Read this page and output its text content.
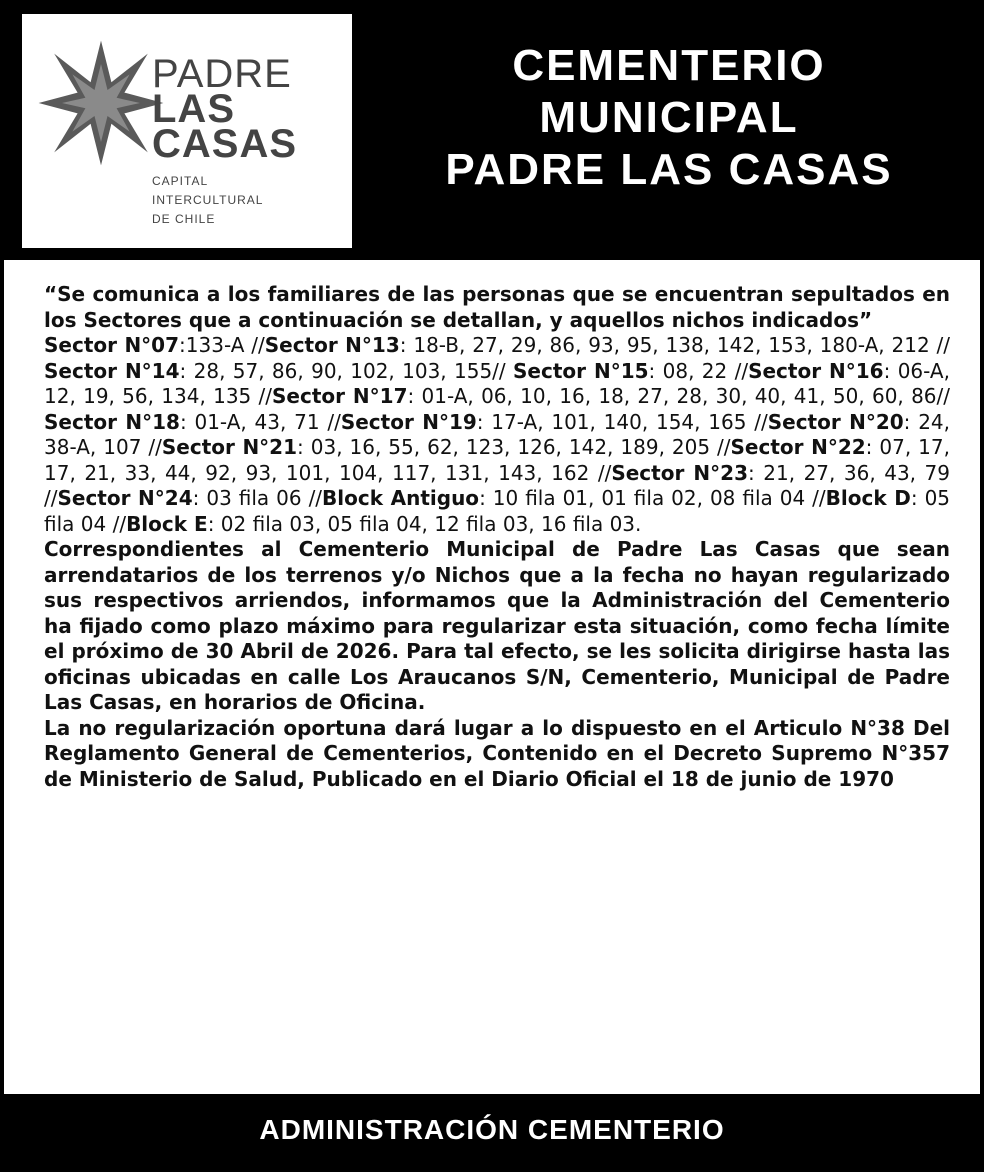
PADRE
LAS
CASAS
CAPITAL
INTERCULTURAL
DE CHILE
CEMENTERIO
MUNICIPAL
PADRE LAS CASAS

“Se comunica a los familiares de las personas que se encuentran sepultados en los Sectores que a continuación se detallan, y aquellos nichos indicados”

Sector N°07:133-A //Sector N°13: 18-B, 27, 29, 86, 93, 95, 138, 142, 153, 180-A, 212 // Sector N°14: 28, 57, 86, 90, 102, 103, 155// Sector N°15: 08, 22 //Sector N°16: 06-A, 12, 19, 56, 134, 135 //Sector N°17: 01-A, 06, 10, 16, 18, 27, 28, 30, 40, 41, 50, 60, 86// Sector N°18: 01-A, 43, 71 //Sector N°19: 17-A, 101, 140, 154, 165 //Sector N°20: 24, 38-A, 107 //Sector N°21: 03, 16, 55, 62, 123, 126, 142, 189, 205 //Sector N°22: 07, 17, 17, 21, 33, 44, 92, 93, 101, 104, 117, 131, 143, 162 //Sector N°23: 21, 27, 36, 43, 79 //Sector N°24: 03 fila 06 //Block Antiguo: 10 fila 01, 01 fila 02, 08 fila 04 //Block D: 05 fila 04 //Block E: 02 fila 03, 05 fila 04, 12 fila 03, 16 fila 03.

Correspondientes al Cementerio Municipal de Padre Las Casas que sean arrendatarios de los terrenos y/o Nichos que a la fecha no hayan regularizado sus respectivos arriendos, informamos que la Administración del Cementerio ha fijado como plazo máximo para regularizar esta situación, como fecha límite el próximo de 30 Abril de 2026. Para tal efecto, se les solicita dirigirse hasta las oficinas ubicadas en calle Los Araucanos S/N, Cementerio, Municipal de Padre Las Casas, en horarios de Oficina.

La no regularización oportuna dará lugar a lo dispuesto en el Articulo N°38 Del Reglamento General de Cementerios, Contenido en el Decreto Supremo N°357 de Ministerio de Salud, Publicado en el Diario Oficial el 18 de junio de 1970

ADMINISTRACIÓN CEMENTERIO
